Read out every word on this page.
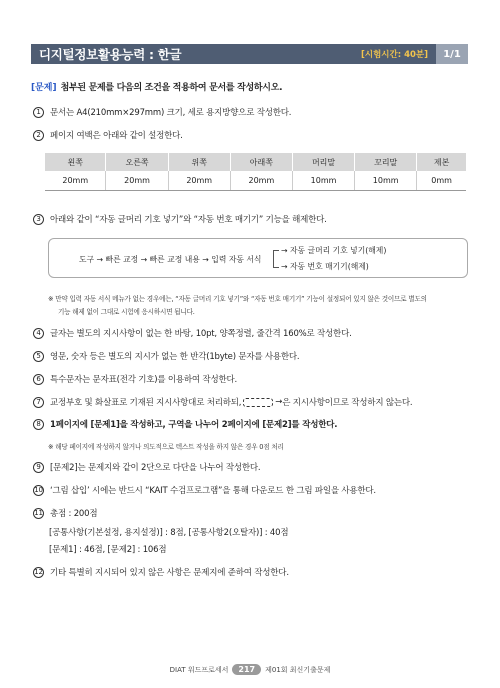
디지털정보활용능력 : 한글	[시험시간: 40분]	1/1
[문제] 첨부된 문제를 다음의 조건을 적용하여 문서를 작성하시오.
1	문서는 A4(210mm×297mm) 크기, 세로 용지방향으로 작성한다.
2	페이지 여백은 아래와 같이 설정한다.
왼쪽	오른쪽	위쪽	아래쪽	머리말	꼬리말	제본
20mm	20mm	20mm	20mm	10mm	10mm	0mm
3	아래와 같이 “자동 글머리 기호 넣기”와 “자동 번호 매기기” 기능을 해제한다.
도구 → 빠른 교정 → 빠른 교정 내용 → 입력 자동 서식
→ 자동 글머리 기호 넣기(해제)
→ 자동 번호 매기기(해제)
※ 만약 입력 자동 서식 메뉴가 없는 경우에는, “자동 글머리 기호 넣기”와 “자동 번호 매기기” 기능이 설정되어 있지 않은 것이므로 별도의
기능 해제 없이 그대로 시험에 응시하시면 됩니다.
4	글자는 별도의 지시사항이 없는 한 바탕, 10pt, 양쪽정렬, 줄간격 160%로 작성한다.
5	영문, 숫자 등은 별도의 지시가 없는 한 반각(1byte) 문자를 사용한다.
6	특수문자는 문자표(전각 기호)를 이용하여 작성한다.
7	교정부호 및 화살표로 기재된 지시사항대로 처리하되,	→ 은 지시사항이므로 작성하지 않는다.
8	1페이지에 [문제1]을 작성하고, 구역을 나누어 2페이지에 [문제2]를 작성한다.
※ 해당 페이지에 작성하지 않거나 의도적으로 텍스트 작성을 하지 않은 경우 0점 처리
9	[문제2]는 문제지와 같이 2단으로 다단을 나누어 작성한다.
10 ‘그림 삽입’ 시에는 반드시 “KAIT 수검프로그램”을 통해 다운로드 한 그림 파일을 사용한다.
11 총점 : 200점
[공통사항(기본설정, 용지설정)] : 8점, [공통사항2(오탈자)] : 40점
[문제1] : 46점, [문제2] : 106점
12 기타 특별히 지시되어 있지 않은 사항은 문제지에 준하여 작성한다.
DIAT 워드프로세서	217	제01회 최신기출문제
